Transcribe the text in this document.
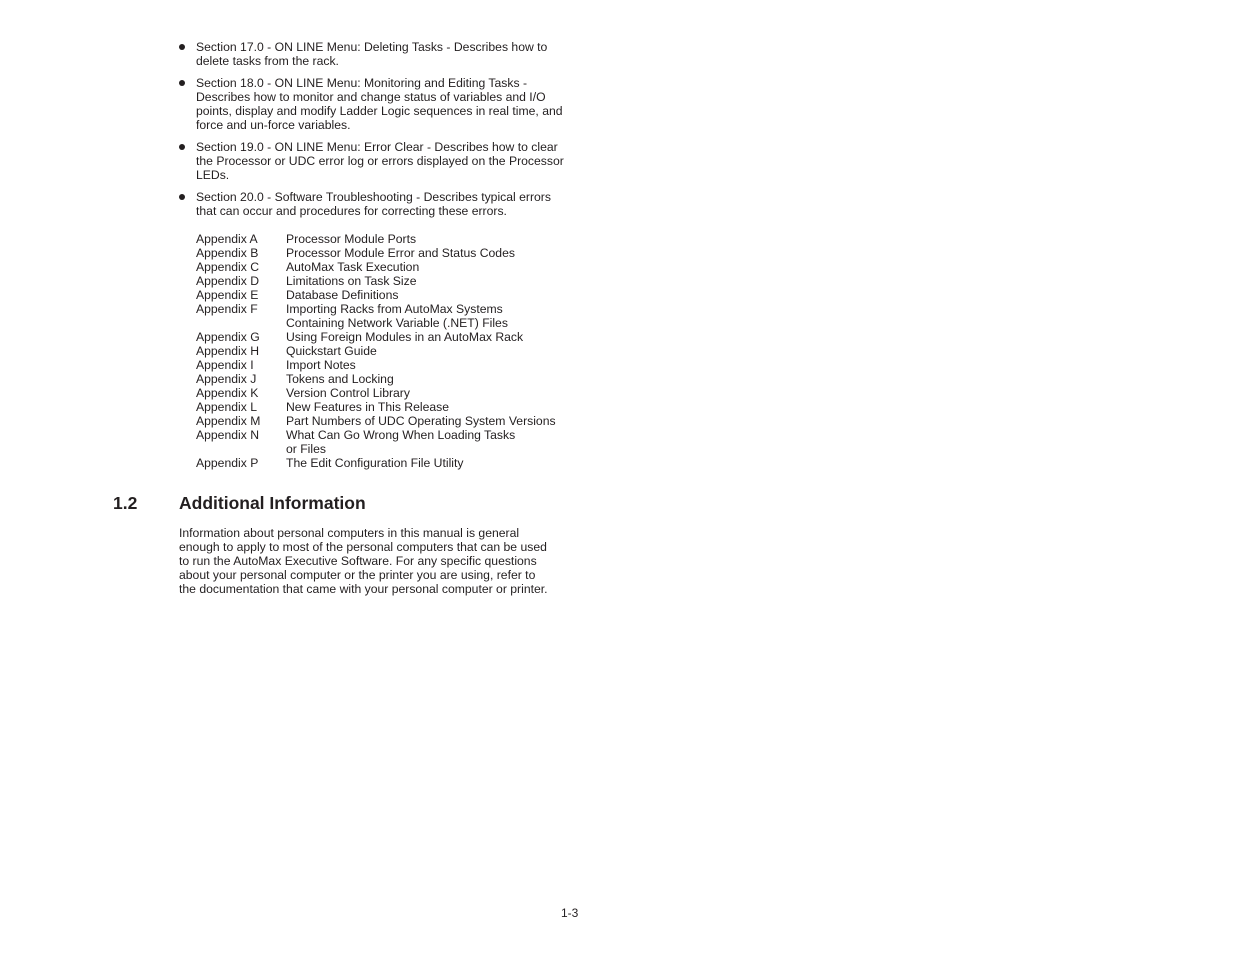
Section 17.0 - ON LINE Menu: Deleting Tasks - Describes how to delete tasks from the rack.
Section 18.0 - ON LINE Menu: Monitoring and Editing Tasks - Describes how to monitor and change status of variables and I/O points, display and modify Ladder Logic sequences in real time, and force and un-force variables.
Section 19.0 - ON LINE Menu: Error Clear - Describes how to clear the Processor or UDC error log or errors displayed on the Processor LEDs.
Section 20.0 - Software Troubleshooting - Describes typical errors that can occur and procedures for correcting these errors.
Appendix A	Processor Module Ports
Appendix B	Processor Module Error and Status Codes
Appendix C	AutoMax Task Execution
Appendix D	Limitations on Task Size
Appendix E	Database Definitions
Appendix F	Importing Racks from AutoMax Systems
Containing Network Variable (.NET) Files
Appendix G	Using Foreign Modules in an AutoMax Rack
Appendix H	Quickstart Guide
Appendix I	Import Notes
Appendix J	Tokens and Locking
Appendix K	Version Control Library
Appendix L	New Features in This Release
Appendix M	Part Numbers of UDC Operating System Versions
Appendix N	What Can Go Wrong When Loading Tasks
or Files
Appendix P	The Edit Configuration File Utility
1.2 Additional Information

Information about personal computers in this manual is general
enough to apply to most of the personal computers that can be used
to run the AutoMax Executive Software. For any specific questions
about your personal computer or the printer you are using, refer to
the documentation that came with your personal computer or printer.

1-3
